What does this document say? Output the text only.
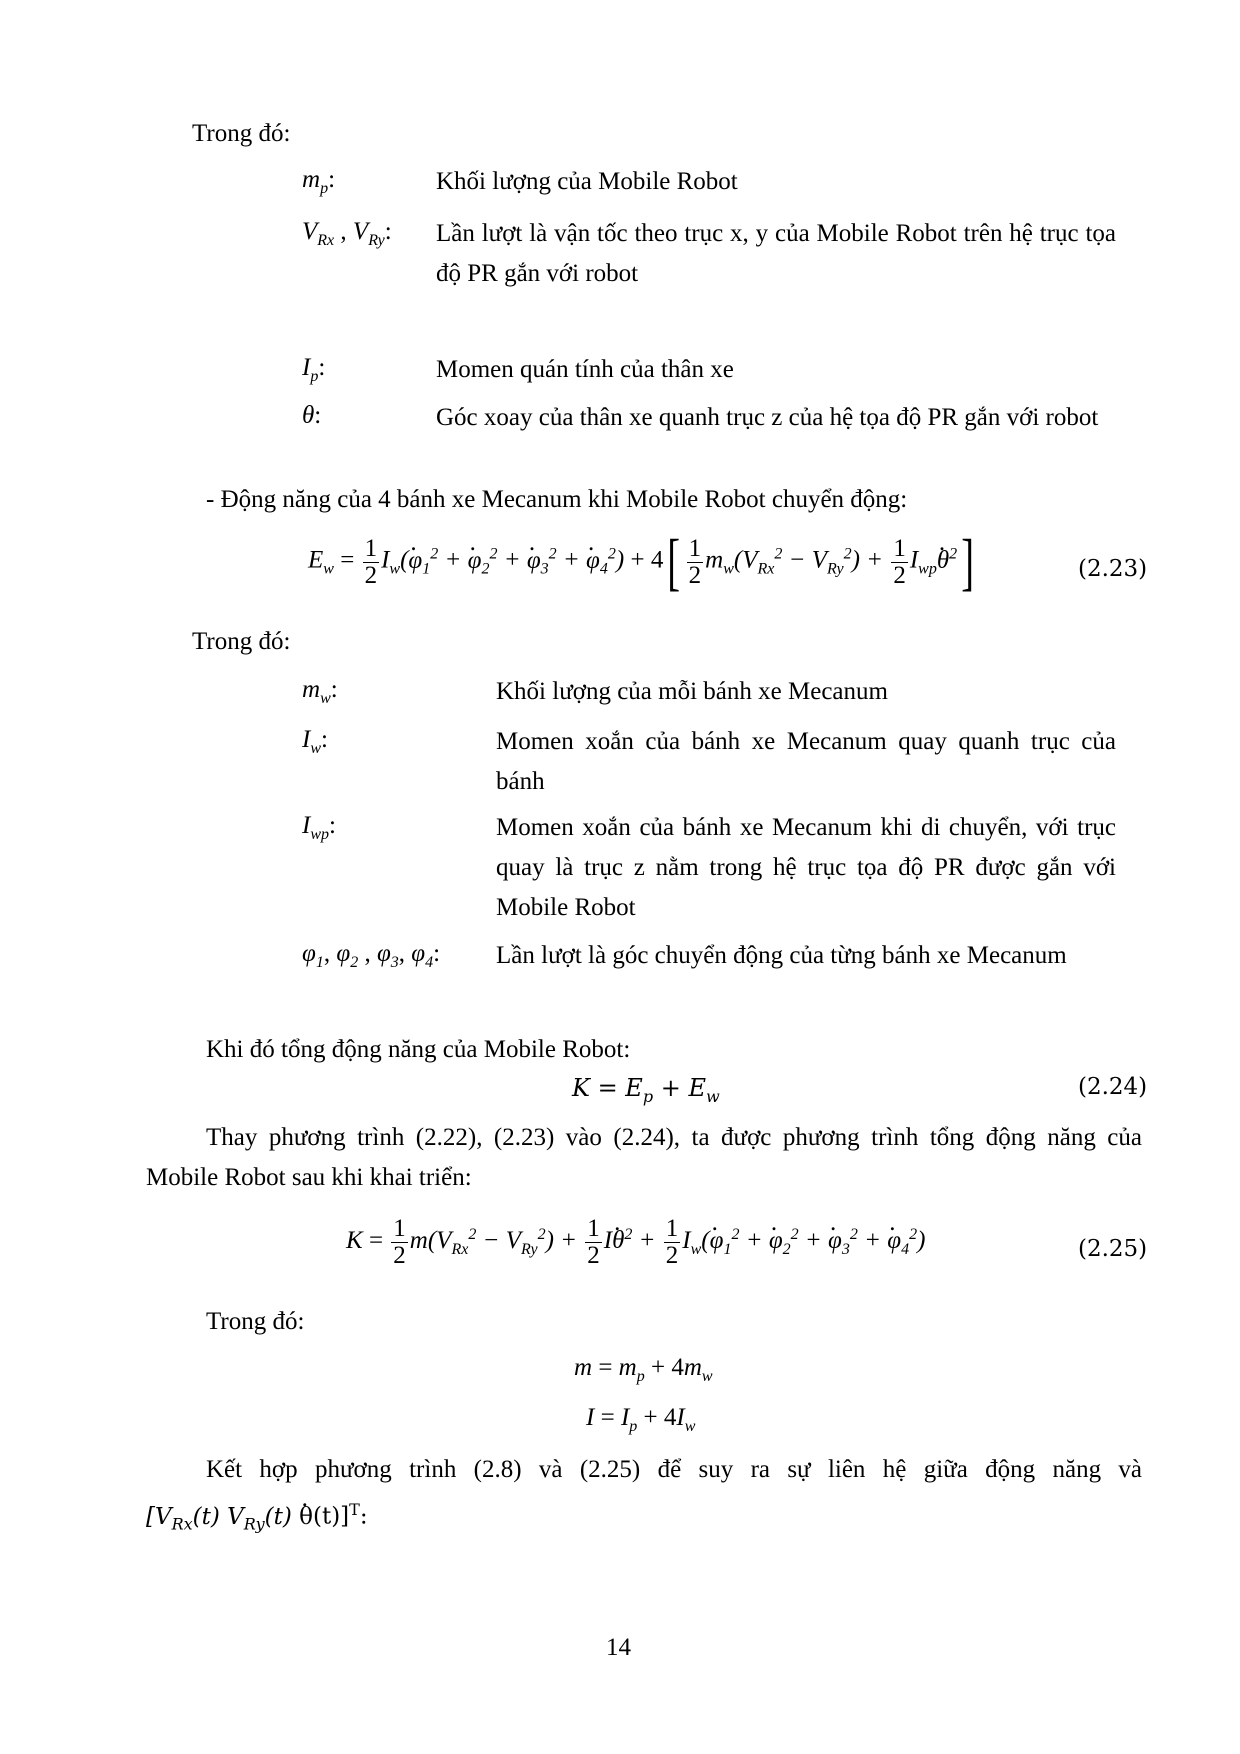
Trong đó:
$m_p$:	Khối lượng của Mobile Robot
$V_{Rx}$ , $V_{Ry}$: Lần lượt là vận tốc theo trục x, y của Mobile Robot trên hệ trục tọa độ PR gắn với robot
$I_p$:	Momen quán tính của thân xe
θ:	Góc xoay của thân xe quanh trục z của hệ tọa độ PR gắn với robot
- Động năng của 4 bánh xe Mecanum khi Mobile Robot chuyển động:
$E_w = \frac{1}{2} I_w$(. $\varphi_1^2$ + . $\varphi_2^2$ + . $\varphi_3^2$ + . $\varphi_4^2) + 4[ \frac{1}{2} m_w(V_{Rx}^2 - V_{Ry}^2) + \frac{1}{2} I_{wp}$. $\theta^2$]	(2.23)
Trong đó:
$m_w$:	Khối lượng của mỗi bánh xe Mecanum
$I_w$:	Momen xoắn của bánh xe Mecanum quay quanh trục của bánh
$I_{wp}$:	Momen xoắn của bánh xe Mecanum khi di chuyển, với trục quay là trục z nằm trong hệ trục tọa độ PR được gắn với Mobile Robot
$\varphi_1$, $\varphi_2$ , $\varphi_3$, $\varphi_4$: Lần lượt là góc chuyển động của từng bánh xe Mecanum
Khi đó tổng động năng của Mobile Robot:
$K = E_p + E_w$	(2.24)
Thay phương trình (2.22), (2.23) vào (2.24), ta được phương trình tổng động năng của Mobile Robot sau khi khai triển:
$K = \frac{1}{2} m(V_{Rx}^2 - V_{Ry}^2) + \frac{1}{2} I$. $\theta^2 + \frac{1}{2} I_w$(. $\varphi_1^2$ + . $\varphi_2^2$ + . $\varphi_3^2$ + . $\varphi_4^2$)	(2.25)
Trong đó:
$m = m_p + 4m_w$
$I = I_p + 4I_w$
Kết hợp phương trình (2.8) và (2.25) để suy ra sự liên hệ giữa động năng và
[$V_{Rx}(t)$ $V_{Ry}(t)$ . θ(t)]$^T$:
14
